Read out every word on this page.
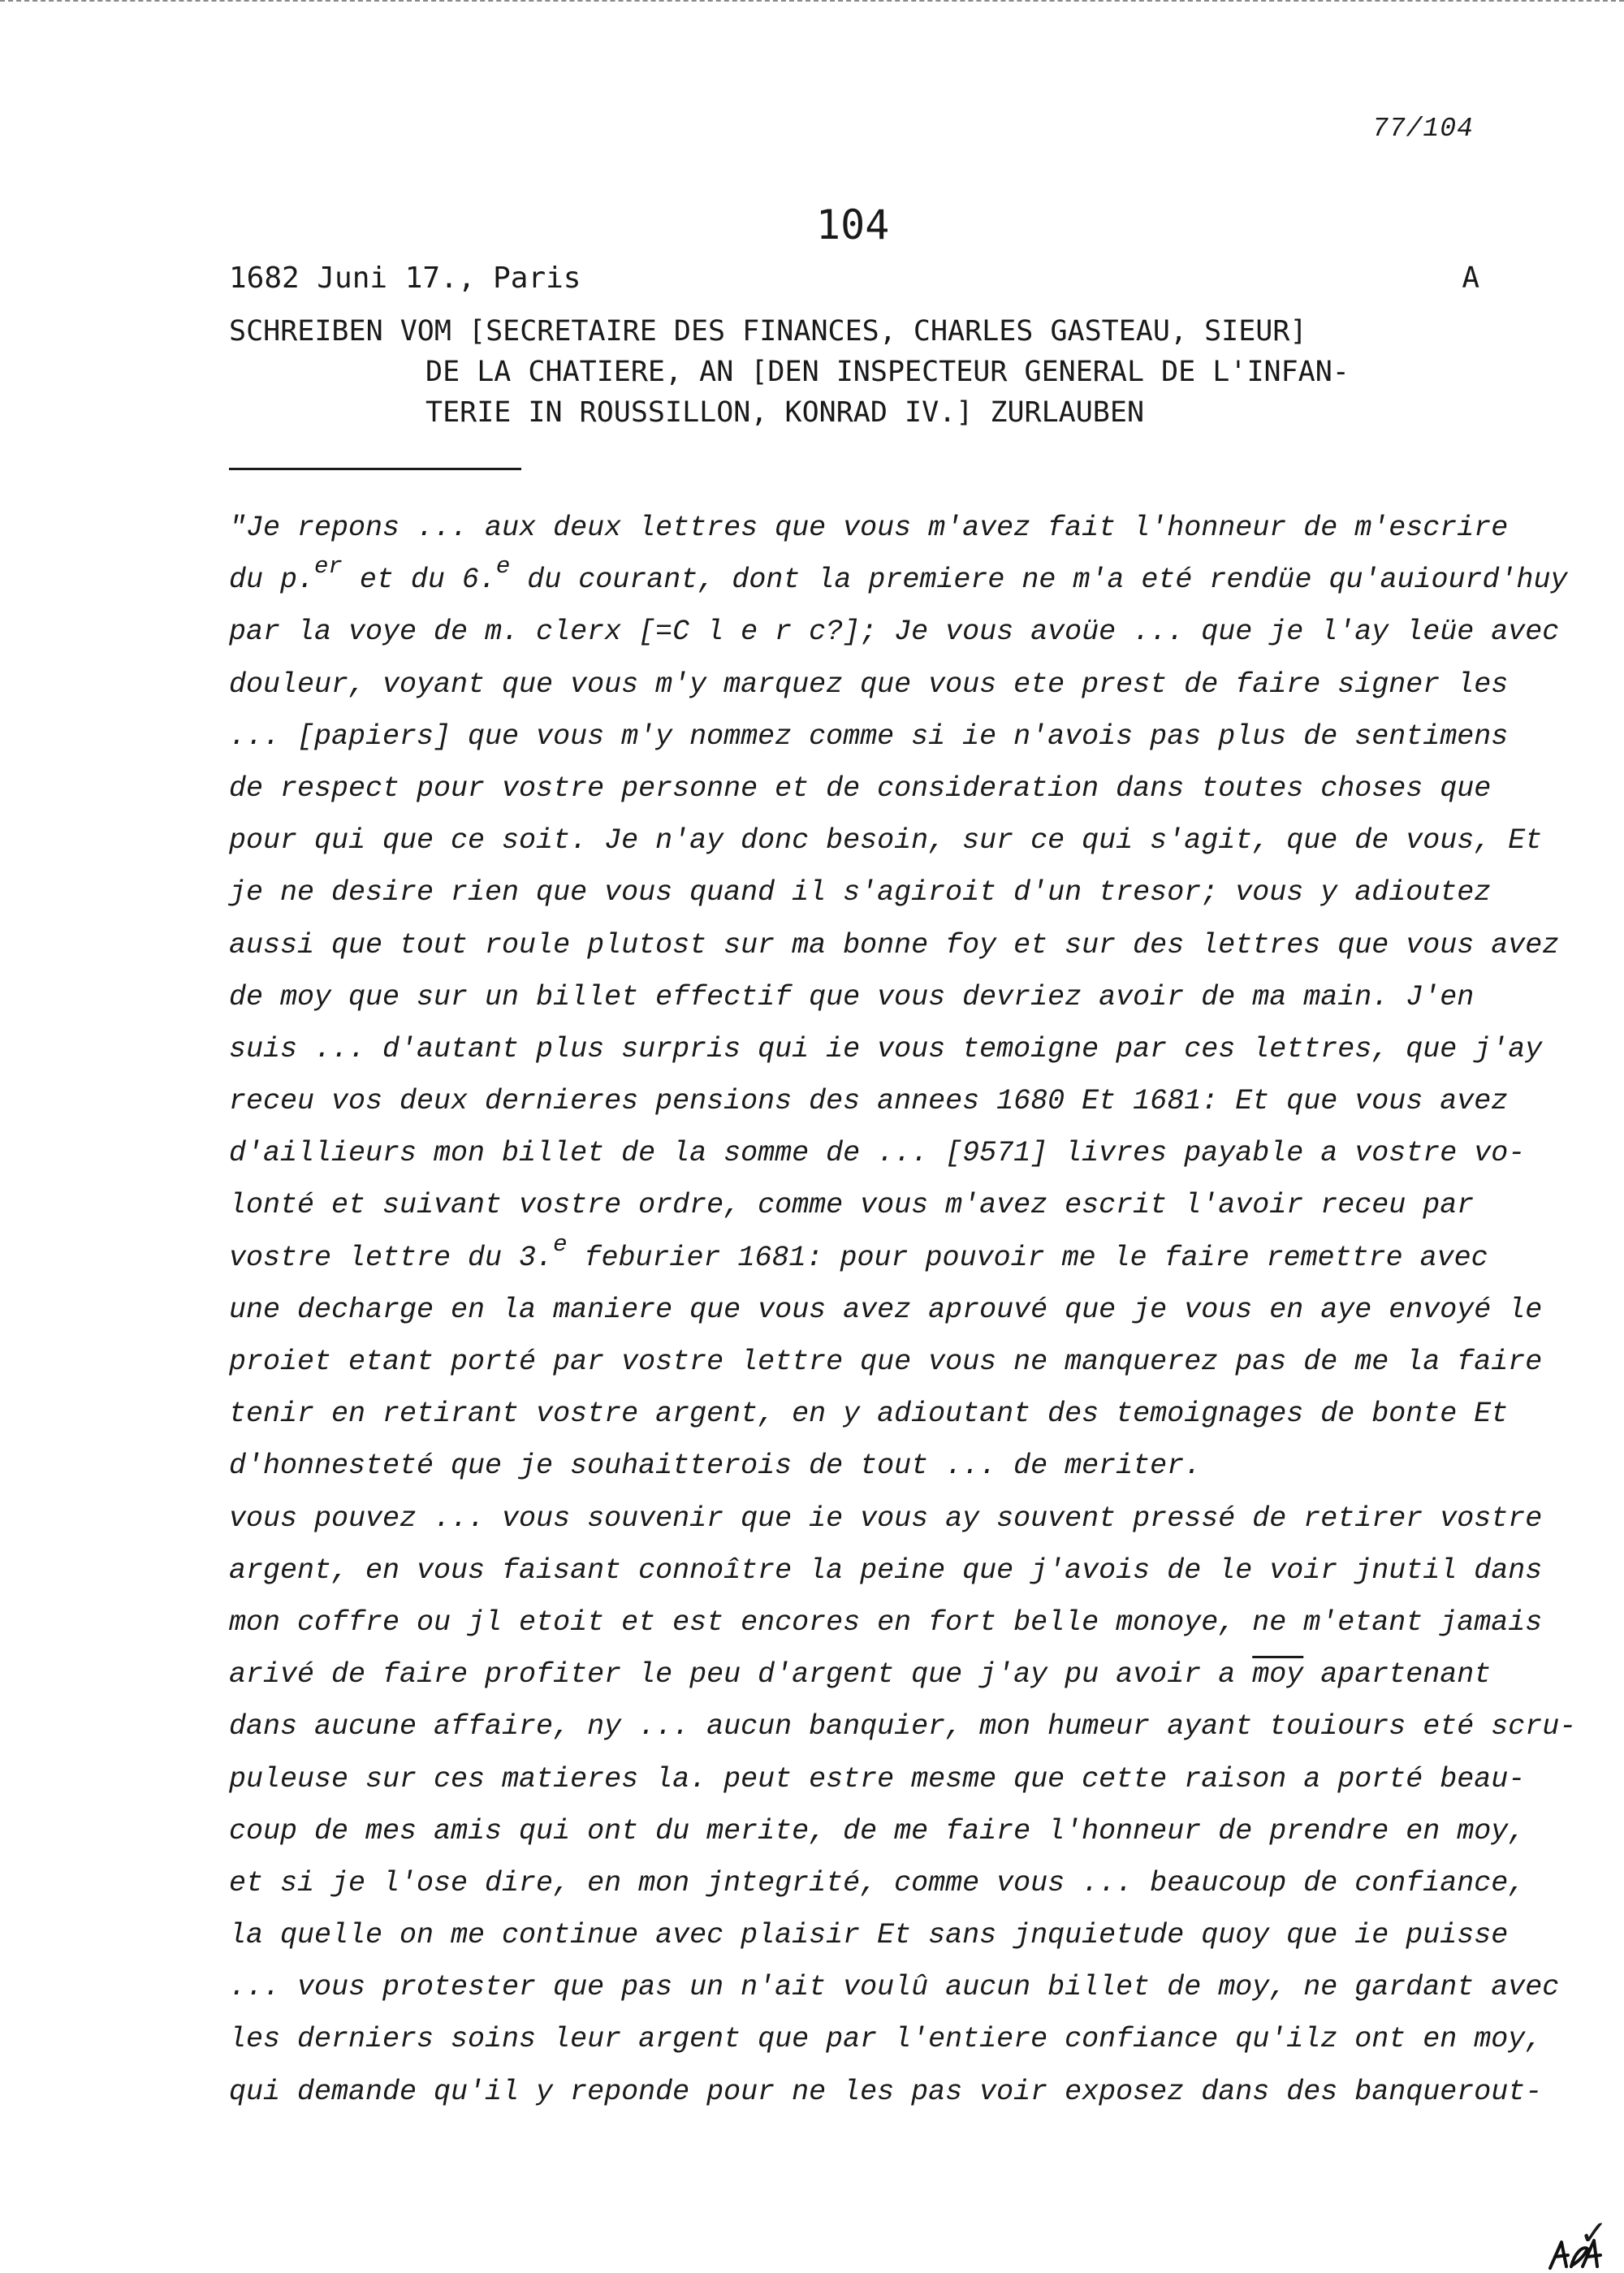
77/104
104
1682 Juni 17., Paris	A
SCHREIBEN VOM [SECRETAIRE DES FINANCES, CHARLES GASTEAU, SIEUR]
DE LA CHATIERE, AN [DEN INSPECTEUR GENERAL DE L'INFAN-
TERIE IN ROUSSILLON, KONRAD IV.] ZURLAUBEN
"Je repons ... aux deux lettres que vous m'avez fait l'honneur de m'escrire
du p.$^{er}$ et du 6.$^e$ du courant, dont la premiere ne m'a eté rendüe qu'auiourd'huy
par la voye de m. clerx [=C l e r c?]; Je vous avoüe ... que je l'ay leüe avec
douleur, voyant que vous m'y marquez que vous ete prest de faire signer les
... [papiers] que vous m'y nommez comme si ie n'avois pas plus de sentimens
de respect pour vostre personne et de consideration dans toutes choses que
pour qui que ce soit. Je n'ay donc besoin, sur ce qui s'agit, que de vous, Et
je ne desire rien que vous quand il s'agiroit d'un tresor; vous y adioutez
aussi que tout roule plutost sur ma bonne foy et sur des lettres que vous avez
de moy que sur un billet effectif que vous devriez avoir de ma main. J'en
suis ... d'autant plus surpris qui ie vous temoigne par ces lettres, que j'ay
receu vos deux dernieres pensions des annees 1680 Et 1681: Et que vous avez
d'aillieurs mon billet de la somme de ... [9571] livres payable a vostre vo-
lonté et suivant vostre ordre, comme vous m'avez escrit l'avoir receu par
vostre lettre du 3.$^e$ feburier 1681: pour pouvoir me le faire remettre avec
une decharge en la maniere que vous avez aprouvé que je vous en aye envoyé le
proiet etant porté par vostre lettre que vous ne manquerez pas de me la faire
tenir en retirant vostre argent, en y adioutant des temoignages de bonte Et
d'honnesteté que je souhaitterois de tout ... de meriter.
vous pouvez ... vous souvenir que ie vous ay souvent pressé de retirer vostre
argent, en vous faisant connoître la peine que j'avois de le voir jnutil dans
mon coffre ou jl etoit et est encores en fort belle monoye, ne m'etant jamais
arivé de faire profiter le peu d'argent que j'ay pu avoir a $\overline{moy}$ apartenant
dans aucune affaire, ny ... aucun banquier, mon humeur ayant touiours eté scru-
puleuse sur ces matieres la. peut estre mesme que cette raison a porté beau-
coup de mes amis qui ont du merite, de me faire l'honneur de prendre en moy,
et si je l'ose dire, en mon jntegrité, comme vous ... beaucoup de confiance,
la quelle on me continue avec plaisir Et sans jnquietude quoy que ie puisse
... vous protester que pas un n'ait voulû aucun billet de moy, ne gardant avec
les derniers soins leur argent que par l'entiere confiance qu'ilz ont en moy,
qui demande qu'il y reponde pour ne les pas voir exposez dans des banquerout-
✓
